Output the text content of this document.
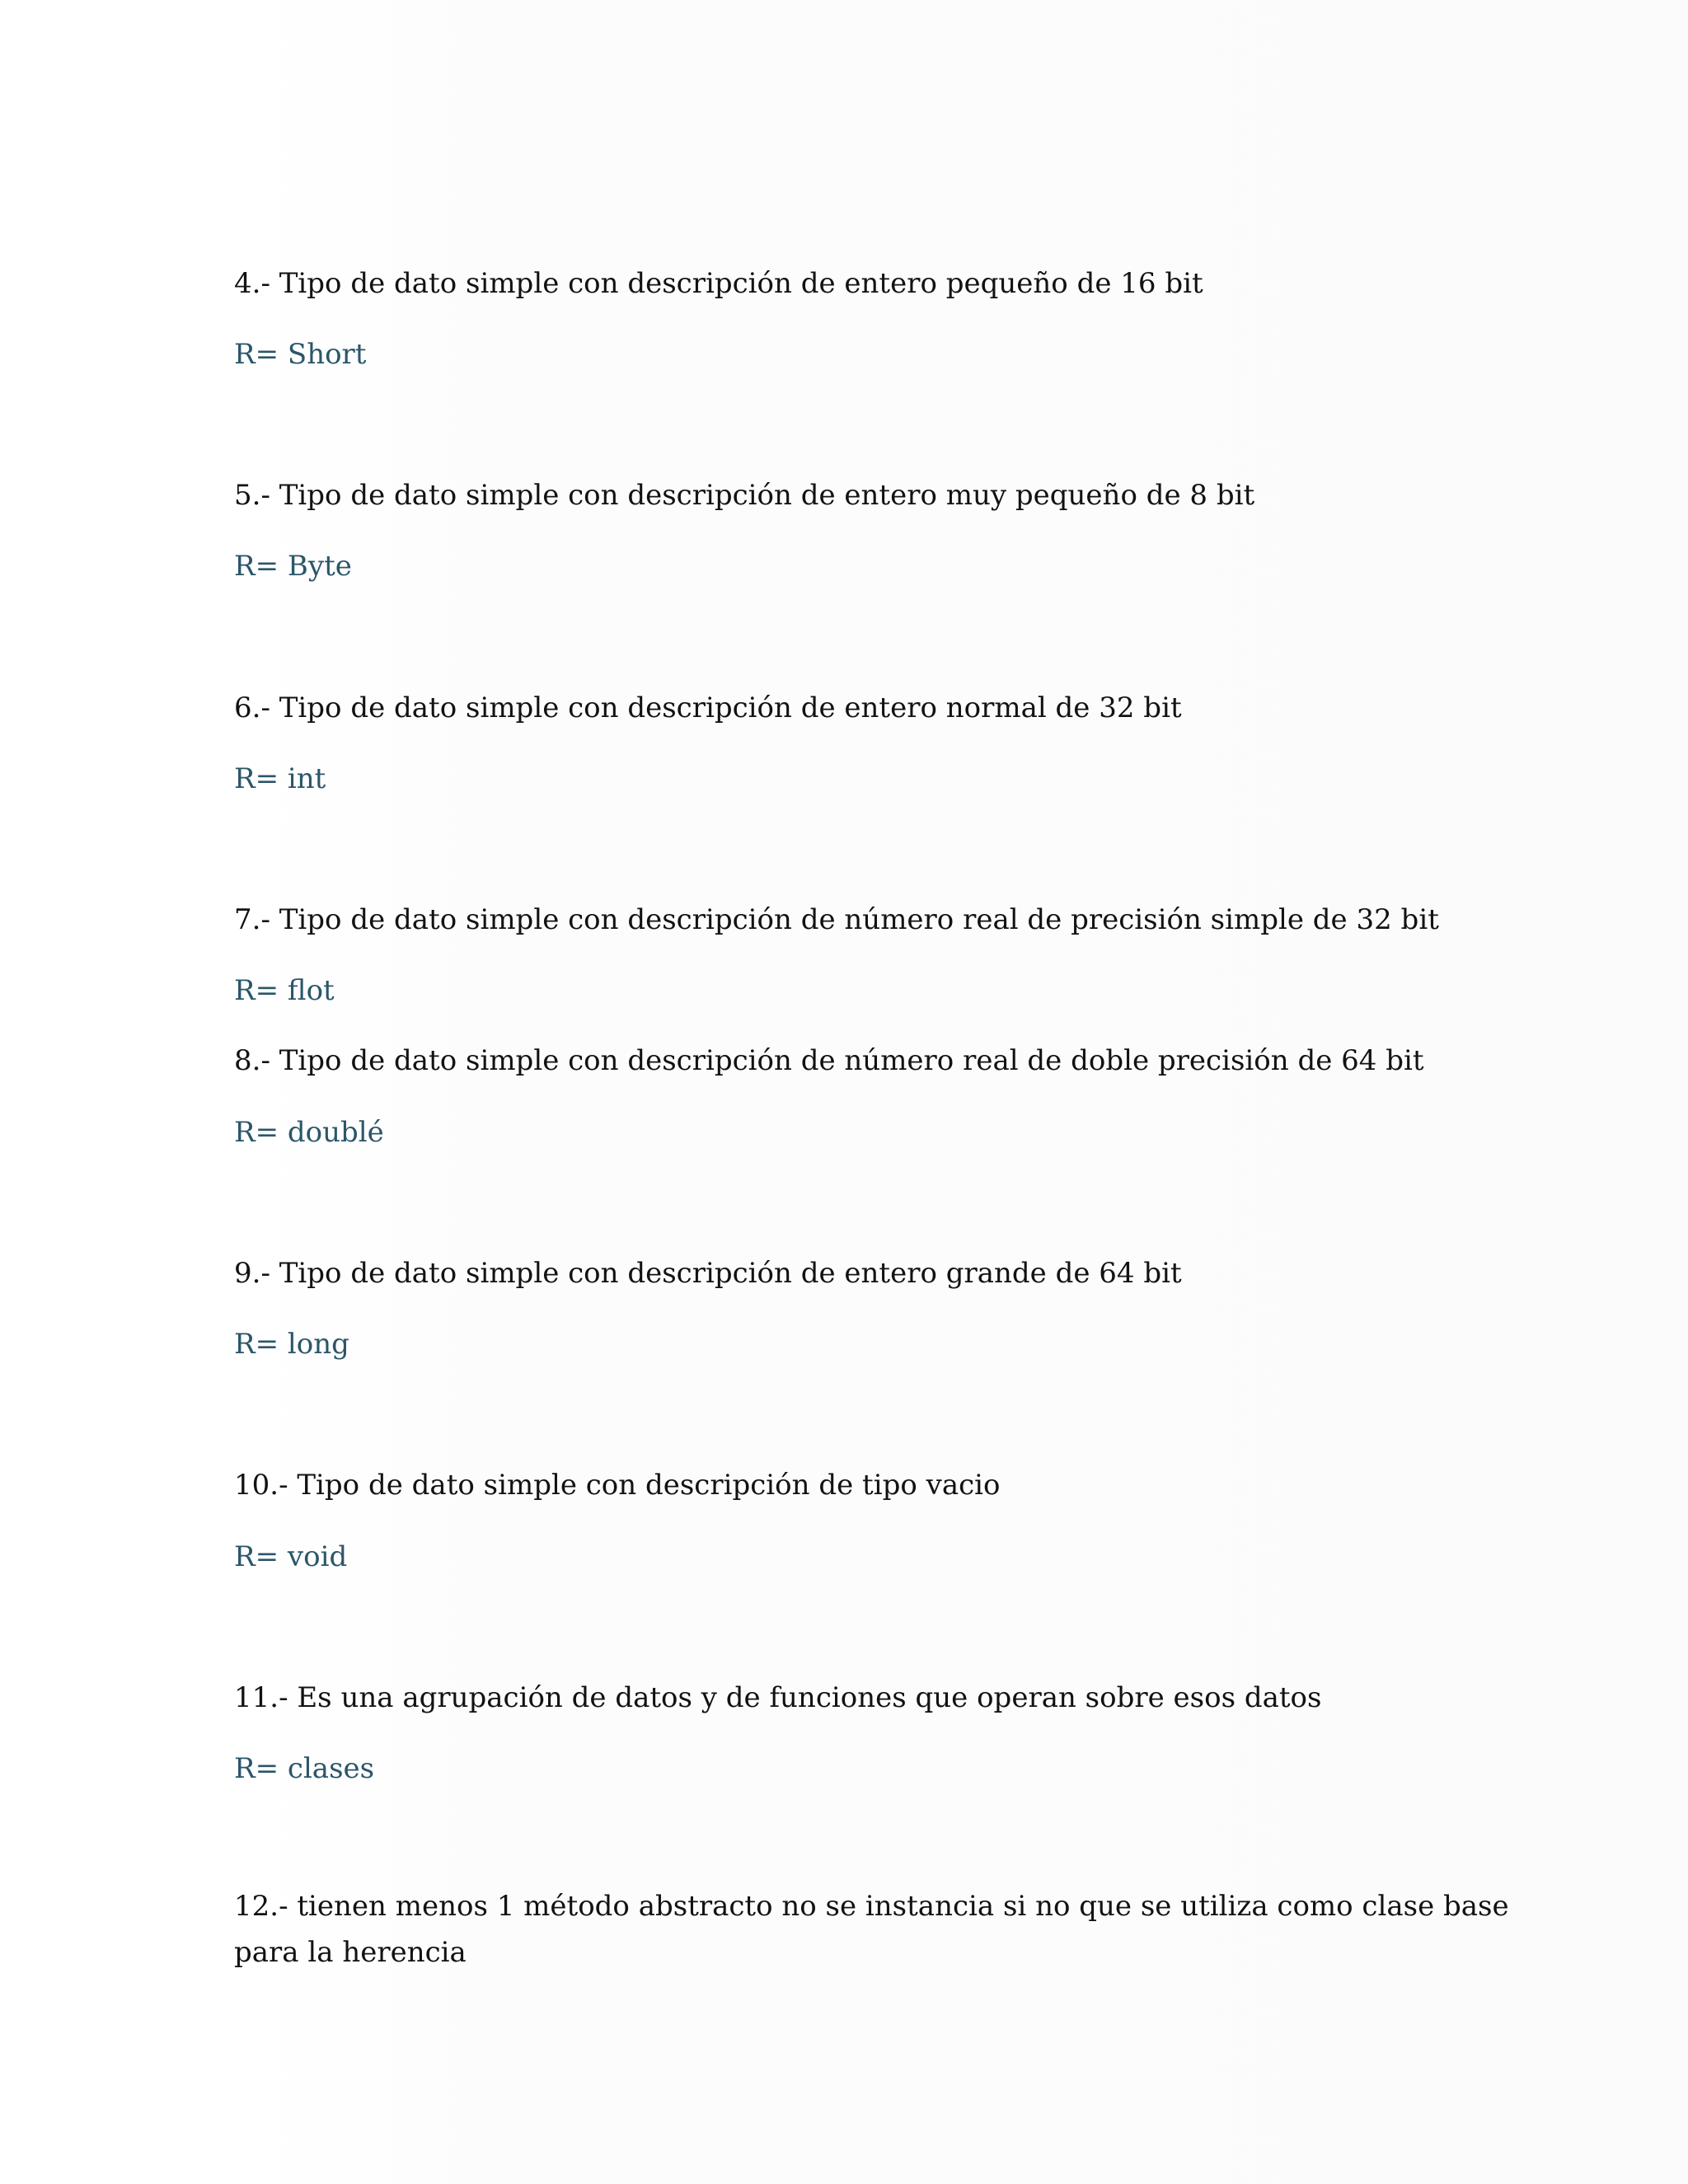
4.- Tipo de dato simple con descripción de entero pequeño de 16 bit
R= Short
5.- Tipo de dato simple con descripción de entero muy pequeño de 8 bit
R= Byte
6.- Tipo de dato simple con descripción de entero normal de 32 bit
R= int
7.- Tipo de dato simple con descripción de número real de precisión simple de 32 bit
R= flot
8.- Tipo de dato simple con descripción de número real de doble precisión de 64 bit
R= doublé
9.- Tipo de dato simple con descripción de entero grande de 64 bit
R= long
10.- Tipo de dato simple con descripción de tipo vacio
R= void
11.- Es una agrupación de datos y de funciones que operan sobre esos datos
R= clases
12.- tienen menos 1 método abstracto no se instancia si no que se utiliza como clase base
para la herencia
